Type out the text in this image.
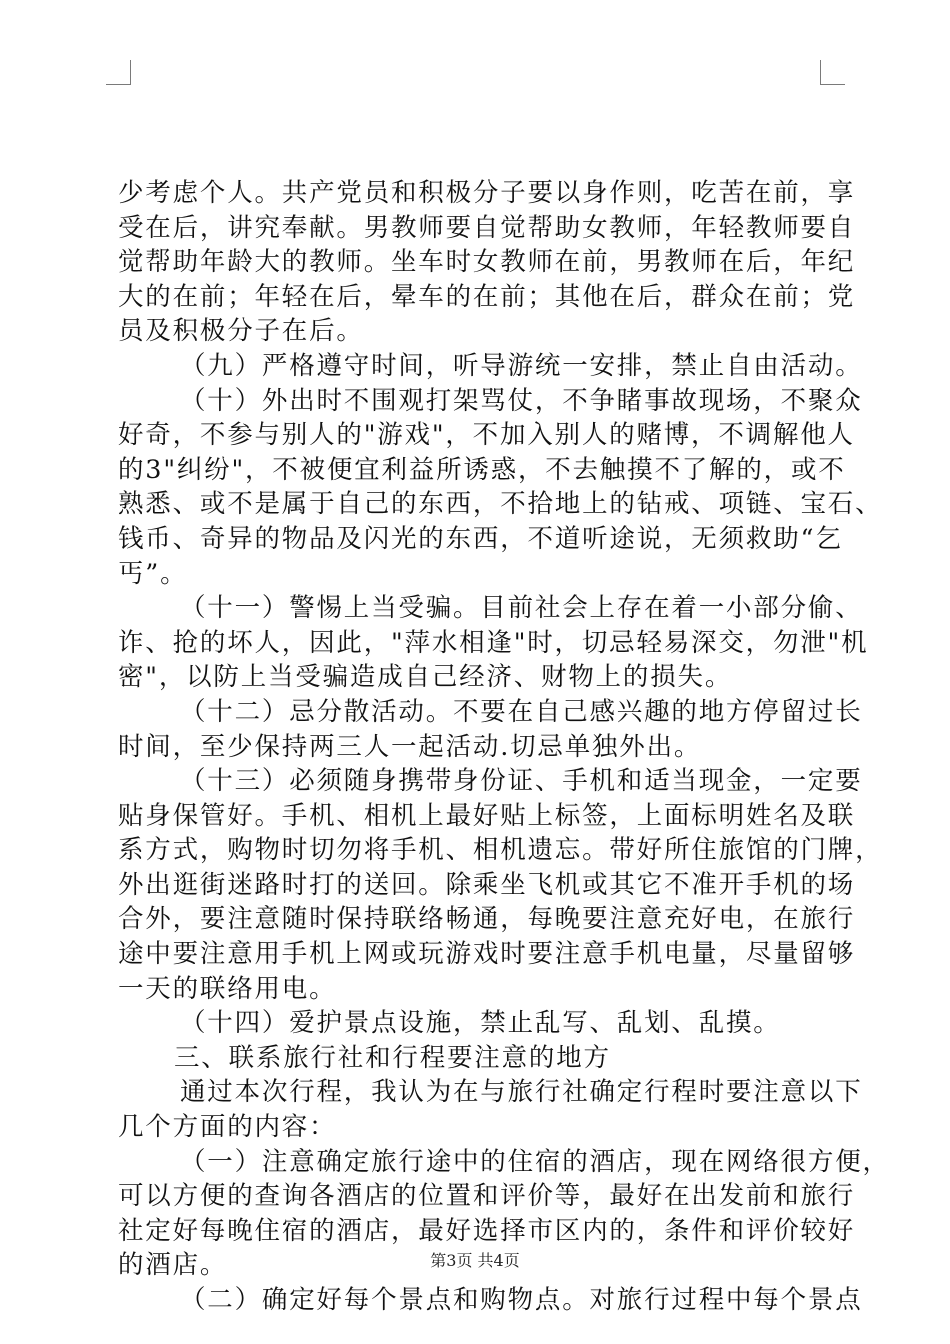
少考虑个人。共产党员和积极分子要以身作则，吃苦在前，享
受在后，讲究奉献。男教师要自觉帮助女教师，年轻教师要自
觉帮助年龄大的教师。坐车时女教师在前，男教师在后，年纪
大的在前；年轻在后，晕车的在前；其他在后，群众在前；党
员及积极分子在后。
（九）严格遵守时间，听导游统一安排，禁止自由活动。
（十）外出时不围观打架骂仗，不争睹事故现场，不聚众
好奇，不参与别人的"游戏"，不加入别人的赌博，不调解他人
的3"纠纷"，不被便宜利益所诱惑，不去触摸不了解的，或不
熟悉、或不是属于自己的东西，不拾地上的钻戒、项链、宝石、
钱币、奇异的物品及闪光的东西，不道听途说，无须救助“乞
丐”。
（十一）警惕上当受骗。目前社会上存在着一小部分偷、
诈、抢的坏人，因此，"萍水相逢"时，切忌轻易深交，勿泄"机
密"，以防上当受骗造成自己经济、财物上的损失。
（十二）忌分散活动。不要在自己感兴趣的地方停留过长
时间，至少保持两三人一起活动.切忌单独外出。
（十三）必须随身携带身份证、手机和适当现金，一定要
贴身保管好。手机、相机上最好贴上标签，上面标明姓名及联
系方式，购物时切勿将手机、相机遗忘。带好所住旅馆的门牌，
外出逛街迷路时打的送回。除乘坐飞机或其它不准开手机的场
合外，要注意随时保持联络畅通，每晚要注意充好电，在旅行
途中要注意用手机上网或玩游戏时要注意手机电量，尽量留够
一天的联络用电。
（十四）爱护景点设施，禁止乱写、乱划、乱摸。
三、联系旅行社和行程要注意的地方
通过本次行程，我认为在与旅行社确定行程时要注意以下
几个方面的内容：
（一）注意确定旅行途中的住宿的酒店，现在网络很方便，
可以方便的查询各酒店的位置和评价等，最好在出发前和旅行
社定好每晚住宿的酒店，最好选择市区内的，条件和评价较好
的酒店。
（二）确定好每个景点和购物点。对旅行过程中每个景点
第3页 共4页
